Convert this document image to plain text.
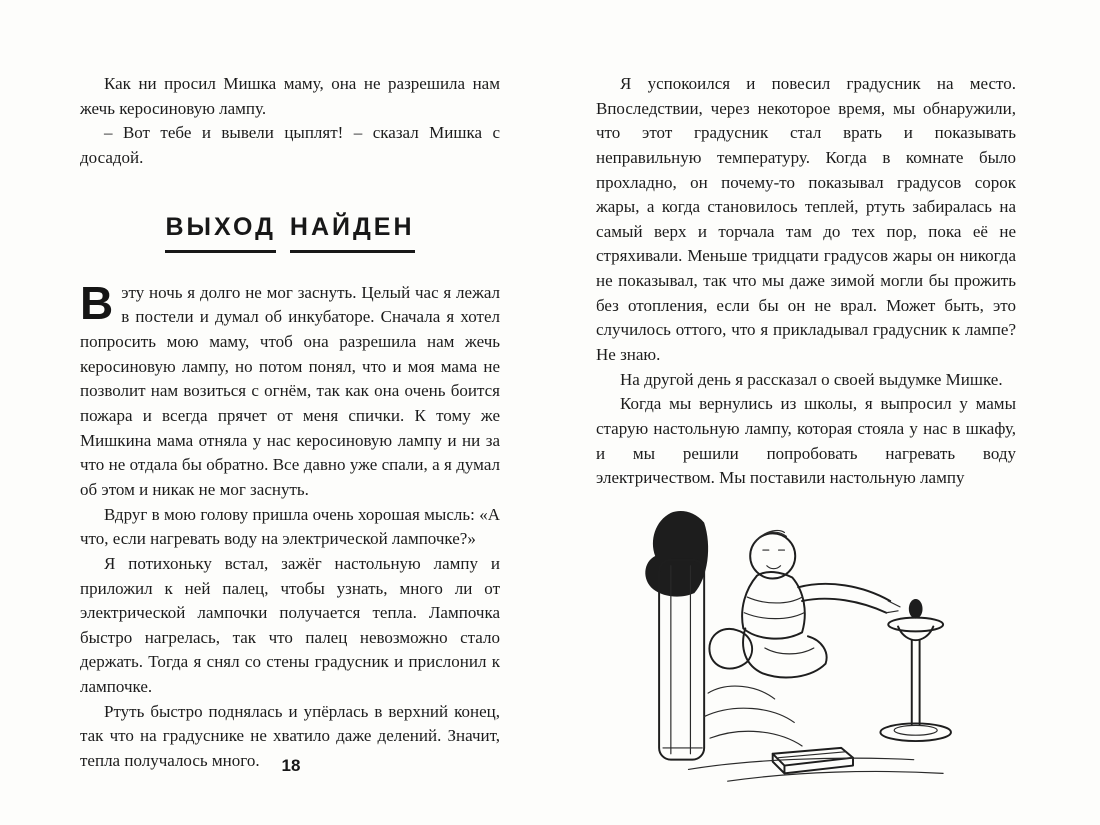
Как ни просил Мишка маму, она не разрешила нам жечь керосиновую лампу.

– Вот тебе и вывели цыплят! – сказал Мишка с досадой.

ВЫХОД НАЙДЕН

Вэту ночь я долго не мог заснуть. Целый час я лежал в постели и думал об инкубаторе. Сначала я хотел попросить мою маму, чтоб она разрешила нам жечь керосиновую лампу, но потом понял, что и моя мама не позволит нам возиться с огнём, так как она очень боится пожара и всегда прячет от меня спички. К тому же Мишкина мама отняла у нас керосиновую лампу и ни за что не отдала бы обратно. Все давно уже спали, а я думал об этом и никак не мог заснуть.

Вдруг в мою голову пришла очень хорошая мысль: «А что, если нагревать воду на электрической лампочке?»

Я потихоньку встал, зажёг настольную лампу и приложил к ней палец, чтобы узнать, много ли от электрической лампочки получается тепла. Лампочка быстро нагрелась, так что палец невозможно стало держать. Тогда я снял со стены градусник и прислонил к лампочке.

Ртуть быстро поднялась и упёрлась в верхний конец, так что на градуснике не хватило даже делений. Значит, тепла получалось много.

Я успокоился и повесил градусник на место. Впоследствии, через некоторое время, мы обнаружили, что этот градусник стал врать и показывать неправильную температуру. Когда в комнате было прохладно, он почему-то показывал градусов сорок жары, а когда становилось теплей, ртуть забиралась на самый верх и торчала там до тех пор, пока её не стряхивали. Меньше тридцати градусов жары он никогда не показывал, так что мы даже зимой могли бы прожить без отопления, если бы он не врал. Может быть, это случилось оттого, что я прикладывал градусник к лампе? Не знаю.

На другой день я рассказал о своей выдумке Мишке.

Когда мы вернулись из школы, я выпросил у мамы старую настольную лампу, которая стояла у нас в шкафу, и мы решили попробовать нагревать воду электричеством. Мы поставили настольную лампу

18
